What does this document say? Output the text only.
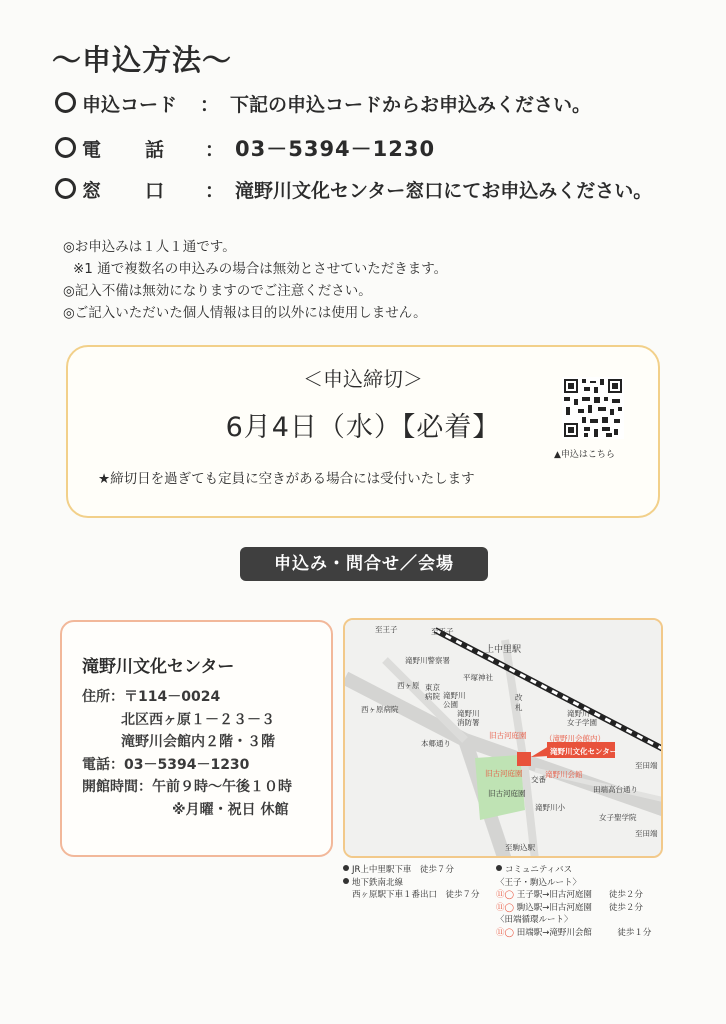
～申込方法～
申込コード ： 下記の申込コードからお申込みください。
電話： 03－5394－1230
窓口： 滝野川文化センター窓口にてお申込みください。
◎お申込みは１人１通です。
※1 通で複数名の申込みの場合は無効とさせていただきます。
◎記入不備は無効になりますのでご注意ください。
◎ご記入いただいた個人情報は目的以外には使用しません。
＜申込締切＞
6月4日（水）【必着】
★締切日を過ぎても定員に空きがある場合には受付いたします
▲申込はこちら
申込み・問合せ／会場
滝野川文化センター
住所：〒114－0024
北区西ヶ原１－２３－３
滝野川会館内２階・３階
電話：03－5394－1230
開館時間：午前９時～午後１０時
※月曜・祝日 休館
至王子	至王子
上中里駅
滝野川警察署
平塚神社
東京
病院 滝野川
公園
西ヶ原病院	滝野川
消防署
本郷通り
改
札
滝野川
女子学園
（滝野川会館内）
滝野川文化センター
滝野川会館
旧古河庭園
旧古河庭園
旧古河庭園	田端高台通り
至田端
至田端
滝野川小
女子聖学院
至駒込駅
交番
西ヶ原
JR上中里駅下車　徒歩７分
地下鉄南北線
西ヶ原駅下車１番出口　徒歩７分
コミュニティバス
〈王子・駒込ルート〉
⑪◯ 王子駅→旧古河庭園　　徒歩２分
⑪◯ 駒込駅→旧古河庭園　　徒歩２分
〈田端循環ルート〉
⑪◯ 田端駅→滝野川会館　　　徒歩１分
